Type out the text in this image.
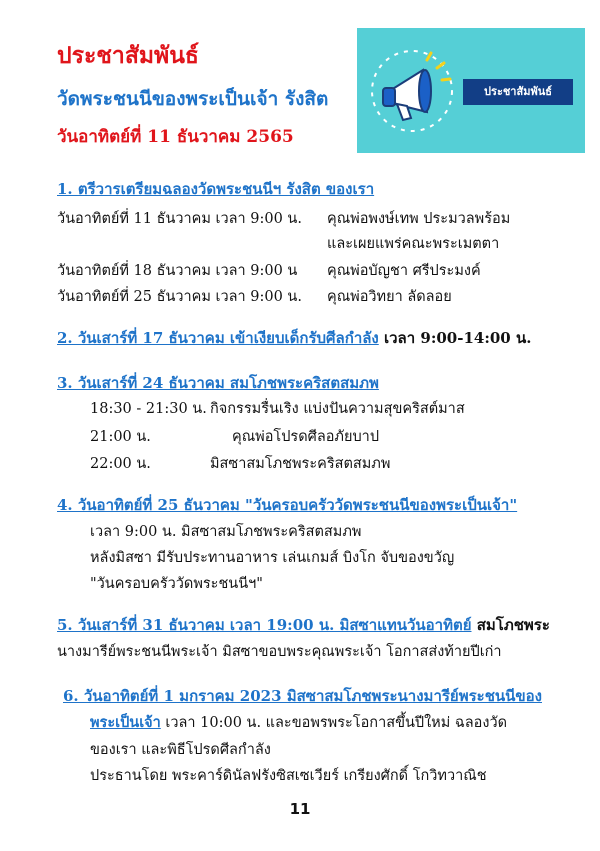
ประชาสัมพันธ์
วัดพระชนนีของพระเป็นเจ้า รังสิต
วันอาทิตย์ที่ 11 ธันวาคม 2565
ประชาสัมพันธ์
1. ตรีวารเตรียมฉลองวัดพระชนนีฯ รังสิต ของเรา
วันอาทิตย์ที่ 11 ธันวาคม เวลา 9:00 น. คุณพ่อพงษ์เทพ ประมวลพร้อม
และเผยแพร่คณะพระเมตตา
วันอาทิตย์ที่ 18 ธันวาคม เวลา 9:00 น คุณพ่อบัญชา ศรีประมงค์
วันอาทิตย์ที่ 25 ธันวาคม เวลา 9:00 น. คุณพ่อวิทยา ลัดลอย
2. วันเสาร์ที่ 17 ธันวาคม เข้าเงียบเด็กรับศีลกำลัง เวลา 9:00-14:00 น.
3. วันเสาร์ที่ 24 ธันวาคม สมโภชพระคริสตสมภพ
18:30 - 21:30 น. กิจกรรมรื่นเริง แบ่งปันความสุขคริสต์มาส
21:00 น.	คุณพ่อโปรดศีลอภัยบาป
22:00 น.	มิสซาสมโภชพระคริสตสมภพ
4. วันอาทิตย์ที่ 25 ธันวาคม "วันครอบครัววัดพระชนนีของพระเป็นเจ้า"
เวลา 9:00 น. มิสซาสมโภชพระคริสตสมภพ
หลังมิสซา มีรับประทานอาหาร เล่นเกมส์ บิงโก จับของขวัญ
"วันครอบครัววัดพระชนนีฯ"
5. วันเสาร์ที่ 31 ธันวาคม เวลา 19:00 น. มิสซาแทนวันอาทิตย์ สมโภชพระ
นางมารีย์พระชนนีพระเจ้า มิสซาขอบพระคุณพระเจ้า โอกาสส่งท้ายปีเก่า
6. วันอาทิตย์ที่ 1 มกราคม 2023 มิสซาสมโภชพระนางมารีย์พระชนนีของ
พระเป็นเจ้า เวลา 10:00 น. และขอพรพระโอกาสขึ้นปีใหม่ ฉลองวัด
ของเรา และพิธีโปรดศีลกำลัง
ประธานโดย พระคาร์ดินัลฟรังซิสเซเวียร์ เกรียงศักดิ์ โกวิทวาณิช
11
